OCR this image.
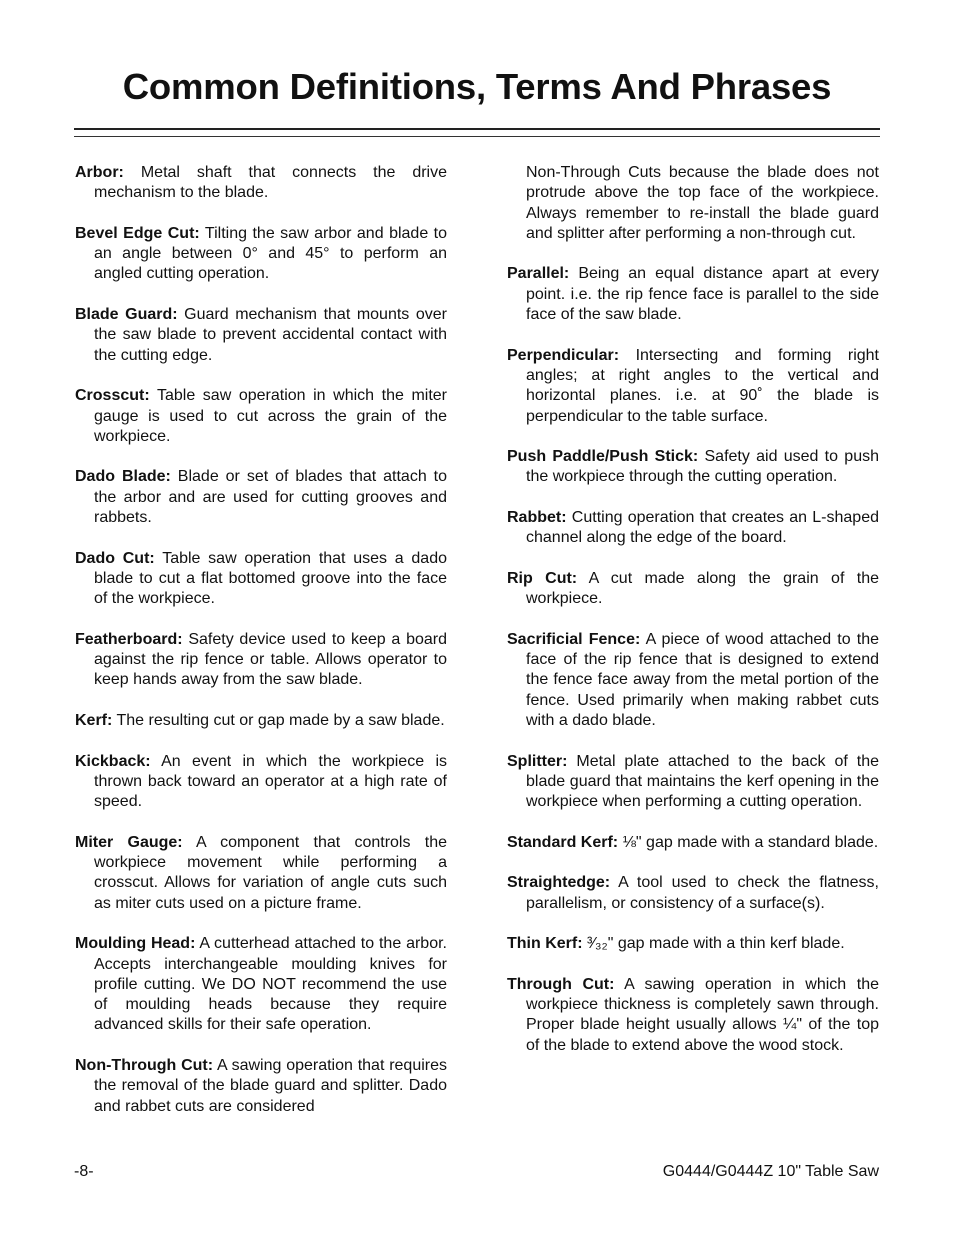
Common Definitions, Terms And Phrases

Arbor: Metal shaft that connects the drive mechanism to the blade.

Bevel Edge Cut: Tilting the saw arbor and blade to an angle between 0° and 45° to perform an angled cutting operation.

Blade Guard: Guard mechanism that mounts over the saw blade to prevent accidental contact with the cutting edge.

Crosscut: Table saw operation in which the miter gauge is used to cut across the grain of the workpiece.

Dado Blade: Blade or set of blades that attach to the arbor and are used for cutting grooves and rabbets.

Dado Cut: Table saw operation that uses a dado blade to cut a flat bottomed groove into the face of the workpiece.

Featherboard: Safety device used to keep a board against the rip fence or table. Allows operator to keep hands away from the saw blade.

Kerf: The resulting cut or gap made by a saw blade.

Kickback: An event in which the workpiece is thrown back toward an operator at a high rate of speed.

Miter Gauge: A component that controls the workpiece movement while performing a crosscut. Allows for variation of angle cuts such as miter cuts used on a picture frame.

Moulding Head: A cutterhead attached to the arbor. Accepts interchangeable moulding knives for profile cutting. We DO NOT recommend the use of moulding heads because they require advanced skills for their safe operation.

Non-Through Cut: A sawing operation that requires the removal of the blade guard and splitter. Dado and rabbet cuts are considered

Non-Through Cuts because the blade does not protrude above the top face of the workpiece. Always remember to re-install the blade guard and splitter after performing a non-through cut.

Parallel: Being an equal distance apart at every point. i.e. the rip fence face is parallel to the side face of the saw blade.

Perpendicular: Intersecting and forming right angles; at right angles to the vertical and horizontal planes. i.e. at 90˚ the blade is perpendicular to the table surface.

Push Paddle/Push Stick: Safety aid used to push the workpiece through the cutting operation.

Rabbet: Cutting operation that creates an L-shaped channel along the edge of the board.

Rip Cut: A cut made along the grain of the workpiece.

Sacrificial Fence: A piece of wood attached to the face of the rip fence that is designed to extend the fence face away from the metal portion of the fence. Used primarily when making rabbet cuts with a dado blade.

Splitter: Metal plate attached to the back of the blade guard that maintains the kerf opening in the workpiece when performing a cutting operation.

Standard Kerf: ⅛" gap made with a standard blade.

Straightedge: A tool used to check the flatness, parallelism, or consistency of a surface(s).

Thin Kerf: ³⁄₃₂" gap made with a thin kerf blade.

Through Cut: A sawing operation in which the workpiece thickness is completely sawn through. Proper blade height usually allows ¼" of the top of the blade to extend above the wood stock.

-8-	G0444/G0444Z 10" Table Saw
